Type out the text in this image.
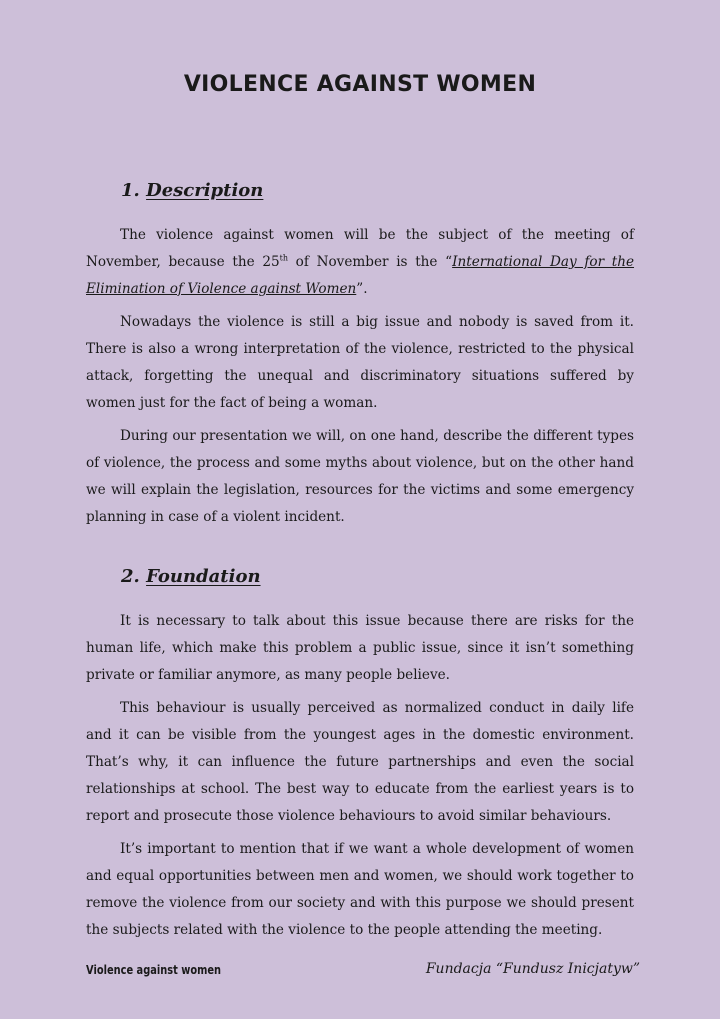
VIOLENCE AGAINST WOMEN
1. Description

The violence against women will be the subject of the meeting of November, because the 25th of November is the “International Day for the Elimination of Violence against Women”.

Nowadays the violence is still a big issue and nobody is saved from it. There is also a wrong interpretation of the violence, restricted to the physical attack, forgetting the unequal and discriminatory situations suffered by women just for the fact of being a woman.

During our presentation we will, on one hand, describe the different types of violence, the process and some myths about violence, but on the other hand we will explain the legislation, resources for the victims and some emergency planning in case of a violent incident.

2. Foundation

It is necessary to talk about this issue because there are risks for the human life, which make this problem a public issue, since it isn’t something private or familiar anymore, as many people believe.

This behaviour is usually perceived as normalized conduct in daily life and it can be visible from the youngest ages in the domestic environment. That’s why, it can influence the future partnerships and even the social relationships at school. The best way to educate from the earliest years is to report and prosecute those violence behaviours to avoid similar behaviours.

It’s important to mention that if we want a whole development of women and equal opportunities between men and women, we should work together to remove the violence from our society and with this purpose we should present the subjects related with the violence to the people attending the meeting.

Violence against women	Fundacja “Fundusz Inicjatyw”
